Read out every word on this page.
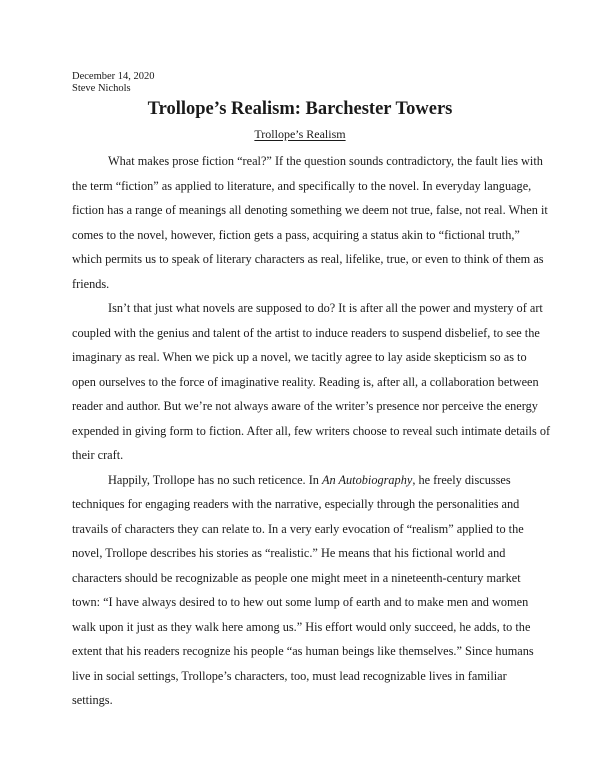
December 14, 2020
Steve Nichols
Trollope’s Realism: Barchester Towers
Trollope’s Realism
What makes prose fiction “real?” If the question sounds contradictory, the fault lies with
the term “fiction” as applied to literature, and specifically to the novel. In everyday language,
fiction has a range of meanings all denoting something we deem not true, false, not real. When it
comes to the novel, however, fiction gets a pass, acquiring a status akin to “fictional truth,”
which permits us to speak of literary characters as real, lifelike, true, or even to think of them as
friends.
Isn’t that just what novels are supposed to do? It is after all the power and mystery of art
coupled with the genius and talent of the artist to induce readers to suspend disbelief, to see the
imaginary as real. When we pick up a novel, we tacitly agree to lay aside skepticism so as to
open ourselves to the force of imaginative reality. Reading is, after all, a collaboration between
reader and author. But we’re not always aware of the writer’s presence nor perceive the energy
expended in giving form to fiction. After all, few writers choose to reveal such intimate details of
their craft.
Happily, Trollope has no such reticence. In An Autobiography, he freely discusses
techniques for engaging readers with the narrative, especially through the personalities and
travails of characters they can relate to. In a very early evocation of “realism” applied to the
novel, Trollope describes his stories as “realistic.” He means that his fictional world and
characters should be recognizable as people one might meet in a nineteenth-century market
town: “I have always desired to to hew out some lump of earth and to make men and women
walk upon it just as they walk here among us.” His effort would only succeed, he adds, to the
extent that his readers recognize his people “as human beings like themselves.” Since humans
live in social settings, Trollope’s characters, too, must lead recognizable lives in familiar
settings.
